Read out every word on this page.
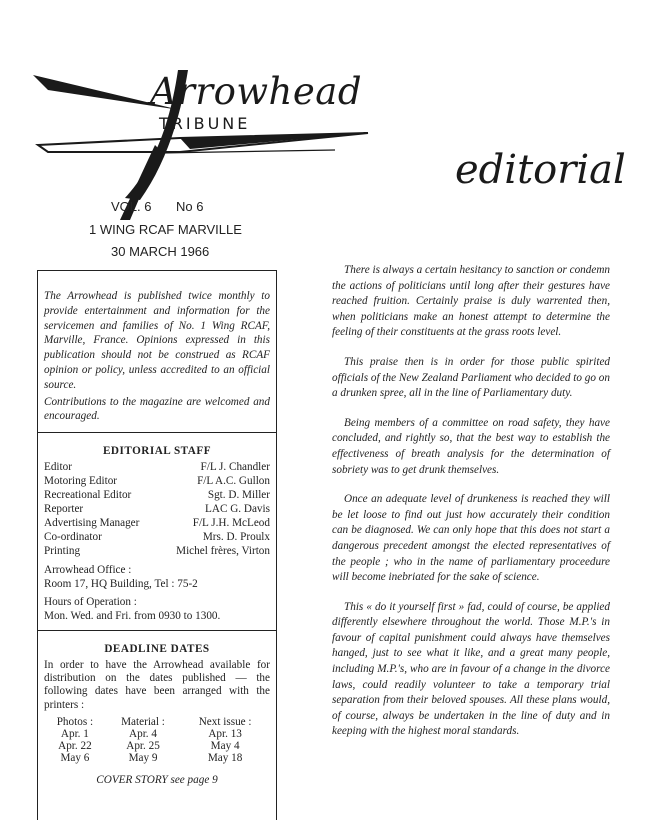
Arrowhead
TRIBUNE
editorial
VOL. 6 No 6
1 WING RCAF MARVILLE
30 MARCH 1966

The Arrowhead is published twice monthly to provide entertainment and information for the servicemen and families of No. 1 Wing RCAF, Marville, France. Opinions expressed in this publication should not be construed as RCAF opinion or policy, unless accredited to an official source.

Contributions to the magazine are welcomed and encouraged.

EDITORIAL STAFF
Editor	F/L J. Chandler
Motoring Editor	F/L A.C. Gullon
Recreational Editor	Sgt. D. Miller
Reporter	LAC G. Davis
Advertising Manager	F/L J.H. McLeod
Co-ordinator	Mrs. D. Proulx
Printing	Michel frères, Virton
Arrowhead Office :
Room 17, HQ Building, Tel : 75-2
Hours of Operation :
Mon. Wed. and Fri. from 0930 to 1300.
DEADLINE DATES

In order to have the Arrowhead available for distribution on the dates published — the following dates have been arranged with the printers :

Photos :	Material :	Next issue :
Apr. 1	Apr. 4	Apr. 13
Apr. 22	Apr. 25	May 4
May 6	May 9	May 18
COVER STORY see page 9

There is always a certain hesitancy to sanction or condemn the actions of politicians until long after their gestures have reached fruition. Certainly praise is duly warrented then, when politicians make an honest attempt to determine the feeling of their constituents at the grass roots level.

This praise then is in order for those public spirited officials of the New Zealand Parliament who decided to go on a drunken spree, all in the line of Parliamentary duty.

Being members of a committee on road safety, they have concluded, and rightly so, that the best way to establish the effectiveness of breath analysis for the determination of sobriety was to get drunk themselves.

Once an adequate level of drunkeness is reached they will be let loose to find out just how accurately their condition can be diagnosed. We can only hope that this does not start a dangerous precedent amongst the elected representatives of the people ; who in the name of parliamentary proceedure will become inebriated for the sake of science.

This « do it yourself first » fad, could of course, be applied differently elsewhere throughout the world. Those M.P.'s in favour of capital punishment could always have themselves hanged, just to see what it like, and a great many people, including M.P.'s, who are in favour of a change in the divorce laws, could readily volunteer to take a temporary trial separation from their beloved spouses. All these plans would, of course, always be undertaken in the line of duty and in keeping with the highest moral standards.
